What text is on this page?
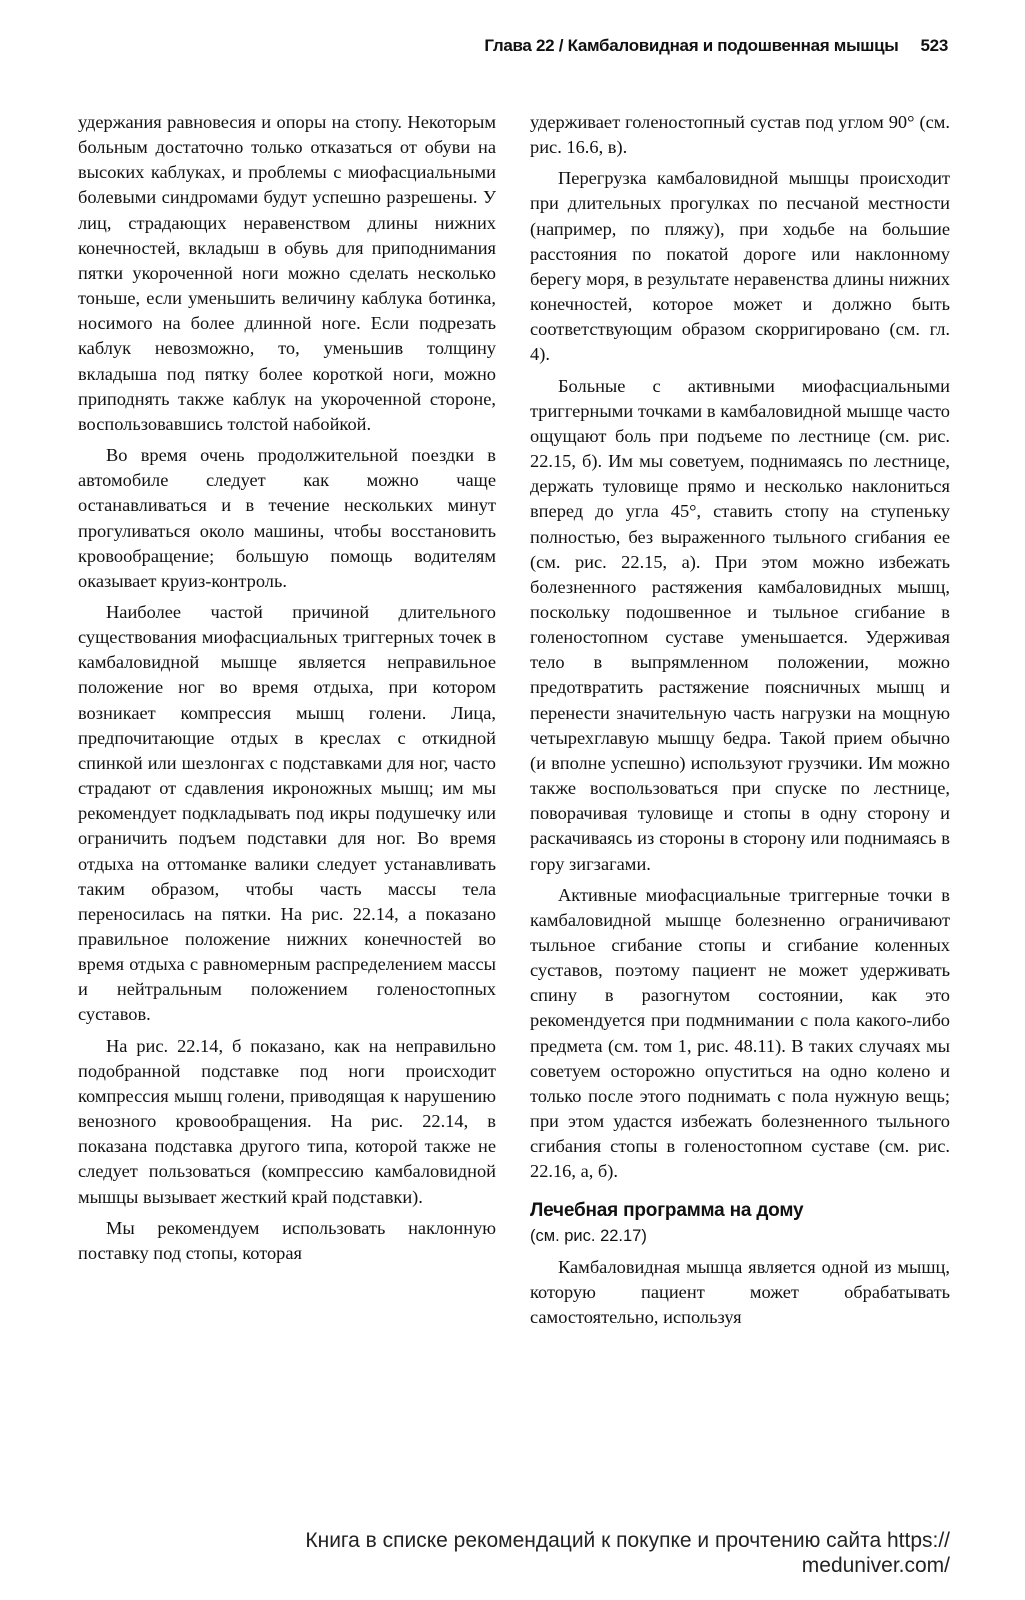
Глава 22 / Камбаловидная и подошвенная мышцы 523

удержания равновесия и опоры на стопу. Некоторым больным достаточно только отказаться от обуви на высоких каблуках, и проблемы с миофасциальными болевыми синдромами будут успешно разрешены. У лиц, страдающих неравенством длины нижних конечностей, вкладыш в обувь для приподнимания пятки укороченной ноги можно сделать несколько тоньше, если уменьшить величину каблука ботинка, носимого на более длинной ноге. Если подрезать каблук невозможно, то, уменьшив толщину вкладыша под пятку более короткой ноги, можно приподнять также каблук на укороченной стороне, воспользовавшись толстой набойкой.

Во время очень продолжительной поездки в автомобиле следует как можно чаще останавливаться и в течение нескольких минут прогуливаться около машины, чтобы восстановить кровообращение; большую помощь водителям оказывает круиз-контроль.

Наиболее частой причиной длительного существования миофасциальных триггерных точек в камбаловидной мышце является неправильное положение ног во время отдыха, при котором возникает компрессия мышц голени. Лица, предпочитающие отдых в креслах с откидной спинкой или шезлонгах с подставками для ног, часто страдают от сдавления икроножных мышц; им мы рекомендует подкладывать под икры подушечку или ограничить подъем подставки для ног. Во время отдыха на оттоманке валики следует устанавливать таким образом, чтобы часть массы тела переносилась на пятки. На рис. 22.14, а показано правильное положение нижних конечностей во время отдыха с равномерным распределением массы и нейтральным положением голеностопных суставов.

На рис. 22.14, б показано, как на неправильно подобранной подставке под ноги происходит компрессия мышц голени, приводящая к нарушению венозного кровообращения. На рис. 22.14, в показана подставка другого типа, которой также не следует пользоваться (компрессию камбаловидной мышцы вызывает жесткий край подставки).

Мы рекомендуем использовать наклонную поставку под стопы, которая

удерживает голеностопный сустав под углом 90° (см. рис. 16.6, в).

Перегрузка камбаловидной мышцы происходит при длительных прогулках по песчаной местности (например, по пляжу), при ходьбе на большие расстояния по покатой дороге или наклонному берегу моря, в результате неравенства длины нижних конечностей, которое может и должно быть соответствующим образом скорригировано (см. гл. 4).

Больные с активными миофасциальными триггерными точками в камбаловидной мышце часто ощущают боль при подъеме по лестнице (см. рис. 22.15, б). Им мы советуем, поднимаясь по лестнице, держать туловище прямо и несколько наклониться вперед до угла 45°, ставить стопу на ступеньку полностью, без выраженного тыльного сгибания ее (см. рис. 22.15, а). При этом можно избежать болезненного растяжения камбаловидных мышц, поскольку подошвенное и тыльное сгибание в голеностопном суставе уменьшается. Удерживая тело в выпрямленном положении, можно предотвратить растяжение поясничных мышц и перенести значительную часть нагрузки на мощную четырехглавую мышцу бедра. Такой прием обычно (и вполне успешно) используют грузчики. Им можно также воспользоваться при спуске по лестнице, поворачивая туловище и стопы в одну сторону и раскачиваясь из стороны в сторону или поднимаясь в гору зигзагами.

Активные миофасциальные триггерные точки в камбаловидной мышце болезненно ограничивают тыльное сгибание стопы и сгибание коленных суставов, поэтому пациент не может удерживать спину в разогнутом состоянии, как это рекомендуется при подмнимании с пола какого-либо предмета (см. том 1, рис. 48.11). В таких случаях мы советуем осторожно опуститься на одно колено и только после этого поднимать с пола нужную вещь; при этом удастся избежать болезненного тыльного сгибания стопы в голеностопном суставе (см. рис. 22.16, а, б).

Лечебная программа на дому
(см. рис. 22.17)

Камбаловидная мышца является одной из мышц, которую пациент может обрабатывать самостоятельно, используя

Книга в списке рекомендаций к покупке и прочтению сайта https://
meduniver.com/
